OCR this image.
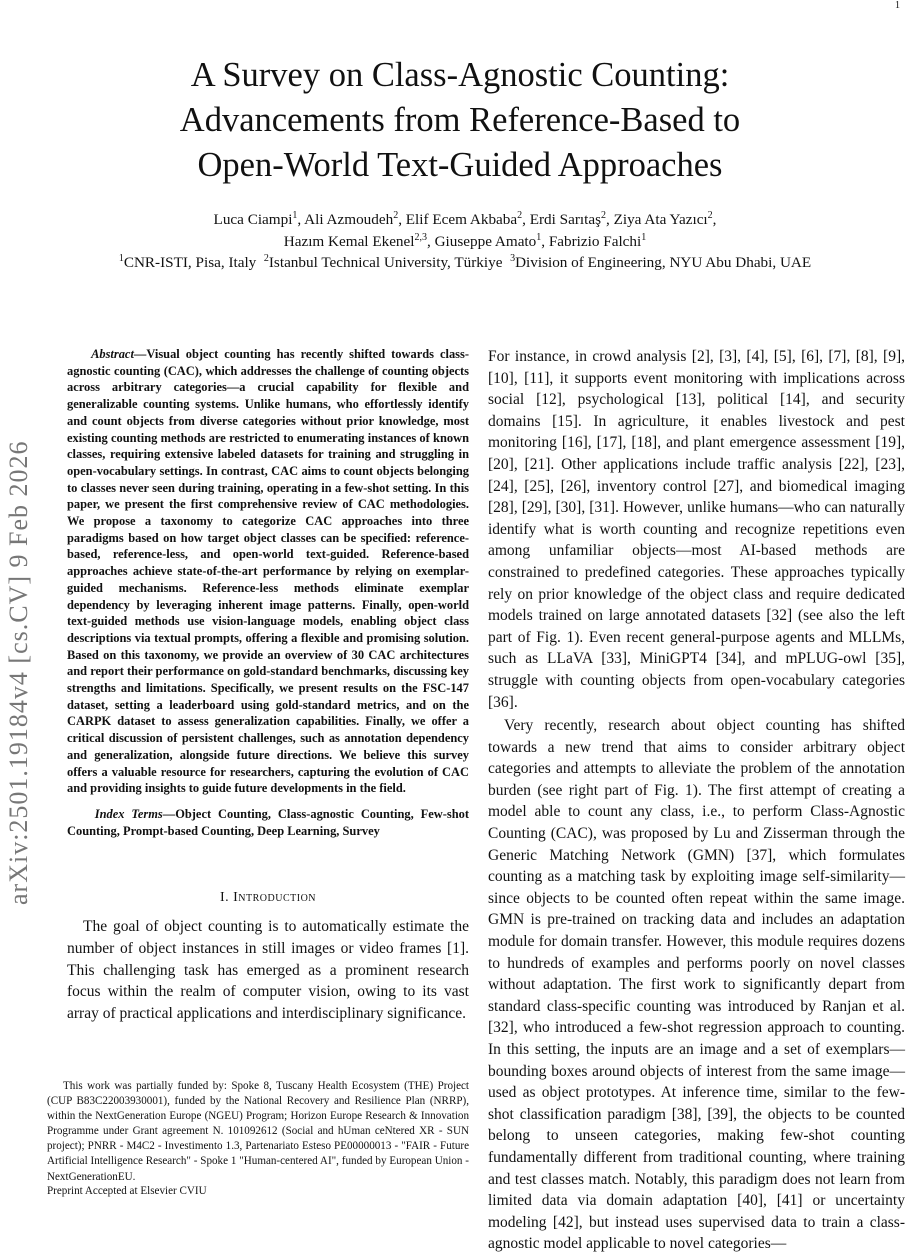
1
arXiv:2501.19184v4 [cs.CV] 9 Feb 2026
A Survey on Class-Agnostic Counting:
Advancements from Reference-Based to
Open-World Text-Guided Approaches
Luca Ciampi$^1$, Ali Azmoudeh$^2$, Elif Ecem Akbaba$^2$, Erdi Sarıtaş$^2$, Ziya Ata Yazıcı$^2$,
Hazım Kemal Ekenel$^{2,3}$, Giuseppe Amato$^1$, Fabrizio Falchi$^1$
$^1$CNR-ISTI, Pisa, Italy $^2$Istanbul Technical University, Türkiye $^3$Division of Engineering, NYU Abu Dhabi, UAE

Abstract—Visual object counting has recently shifted towards class-agnostic counting (CAC), which addresses the challenge of counting objects across arbitrary categories—a crucial capability for flexible and generalizable counting systems. Unlike humans, who effortlessly identify and count objects from diverse categories without prior knowledge, most existing counting methods are restricted to enumerating instances of known classes, requiring extensive labeled datasets for training and struggling in open-vocabulary settings. In contrast, CAC aims to count objects belonging to classes never seen during training, operating in a few-shot setting. In this paper, we present the first comprehensive review of CAC methodologies. We propose a taxonomy to categorize CAC approaches into three paradigms based on how target object classes can be specified: reference-based, reference-less, and open-world text-guided. Reference-based approaches achieve state-of-the-art performance by relying on exemplar-guided mechanisms. Reference-less methods eliminate exemplar dependency by leveraging inherent image patterns. Finally, open-world text-guided methods use vision-language models, enabling object class descriptions via textual prompts, offering a flexible and promising solution. Based on this taxonomy, we provide an overview of 30 CAC architectures and report their performance on gold-standard benchmarks, discussing key strengths and limitations. Specifically, we present results on the FSC-147 dataset, setting a leaderboard using gold-standard metrics, and on the CARPK dataset to assess generalization capabilities. Finally, we offer a critical discussion of persistent challenges, such as annotation dependency and generalization, alongside future directions. We believe this survey offers a valuable resource for researchers, capturing the evolution of CAC and providing insights to guide future developments in the field.

Index Terms—Object Counting, Class-agnostic Counting, Few-shot Counting, Prompt-based Counting, Deep Learning, Survey

I. Introduction

The goal of object counting is to automatically estimate the number of object instances in still images or video frames [1]. This challenging task has emerged as a prominent research focus within the realm of computer vision, owing to its vast array of practical applications and interdisciplinary significance.

This work was partially funded by: Spoke 8, Tuscany Health Ecosystem (THE) Project (CUP B83C22003930001), funded by the National Recovery and Resilience Plan (NRRP), within the NextGeneration Europe (NGEU) Program; Horizon Europe Research & Innovation Programme under Grant agreement N. 101092612 (Social and hUman ceNtered XR - SUN project); PNRR - M4C2 - Investimento 1.3, Partenariato Esteso PE00000013 - "FAIR - Future Artificial Intelligence Research" - Spoke 1 "Human-centered AI", funded by European Union - NextGenerationEU.

Preprint Accepted at Elsevier CVIU

For instance, in crowd analysis [2], [3], [4], [5], [6], [7], [8], [9], [10], [11], it supports event monitoring with implications across social [12], psychological [13], political [14], and security domains [15]. In agriculture, it enables livestock and pest monitoring [16], [17], [18], and plant emergence assessment [19], [20], [21]. Other applications include traffic analysis [22], [23], [24], [25], [26], inventory control [27], and biomedical imaging [28], [29], [30], [31]. However, unlike humans—who can naturally identify what is worth counting and recognize repetitions even among unfamiliar objects—most AI-based methods are constrained to predefined categories. These approaches typically rely on prior knowledge of the object class and require dedicated models trained on large annotated datasets [32] (see also the left part of Fig. 1). Even recent general-purpose agents and MLLMs, such as LLaVA [33], MiniGPT4 [34], and mPLUG-owl [35], struggle with counting objects from open-vocabulary categories [36].

Very recently, research about object counting has shifted towards a new trend that aims to consider arbitrary object categories and attempts to alleviate the problem of the annotation burden (see right part of Fig. 1). The first attempt of creating a model able to count any class, i.e., to perform Class-Agnostic Counting (CAC), was proposed by Lu and Zisserman through the Generic Matching Network (GMN) [37], which formulates counting as a matching task by exploiting image self-similarity—since objects to be counted often repeat within the same image. GMN is pre-trained on tracking data and includes an adaptation module for domain transfer. However, this module requires dozens to hundreds of examples and performs poorly on novel classes without adaptation. The first work to significantly depart from standard class-specific counting was introduced by Ranjan et al. [32], who introduced a few-shot regression approach to counting. In this setting, the inputs are an image and a set of exemplars—bounding boxes around objects of interest from the same image—used as object prototypes. At inference time, similar to the few-shot classification paradigm [38], [39], the objects to be counted belong to unseen categories, making few-shot counting fundamentally different from traditional counting, where training and test classes match. Notably, this paradigm does not learn from limited data via domain adaptation [40], [41] or uncertainty modeling [42], but instead uses supervised data to train a class-agnostic model applicable to novel categories—
